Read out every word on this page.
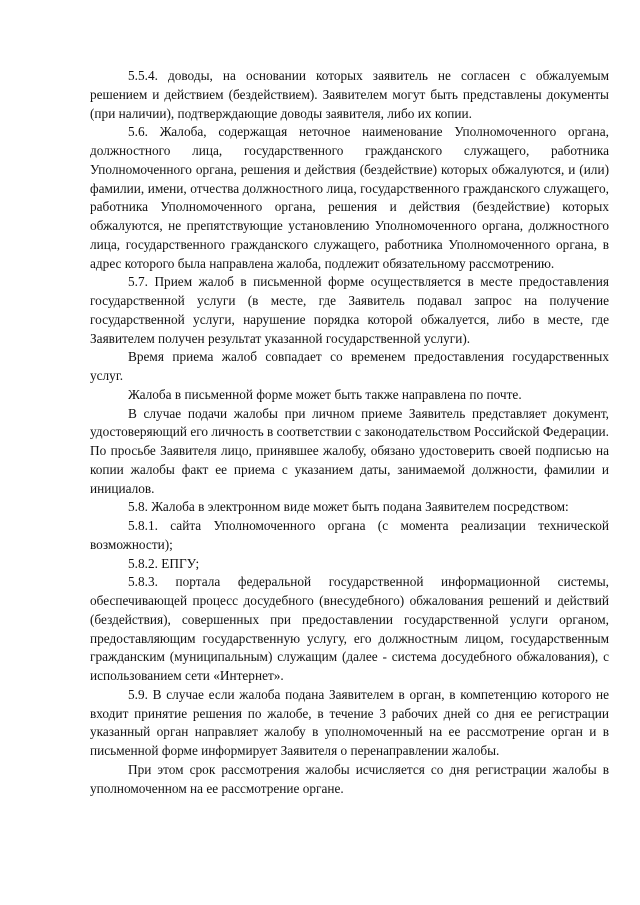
5.5.4. доводы, на основании которых заявитель не согласен с обжалуемым решением и действием (бездействием). Заявителем могут быть представлены документы (при наличии), подтверждающие доводы заявителя, либо их копии.

5.6. Жалоба, содержащая неточное наименование Уполномоченного органа, должностного лица, государственного гражданского служащего, работника Уполномоченного органа, решения и действия (бездействие) которых обжалуются, и (или) фамилии, имени, отчества должностного лица, государственного гражданского служащего, работника Уполномоченного органа, решения и действия (бездействие) которых обжалуются, не препятствующие установлению Уполномоченного органа, должностного лица, государственного гражданского служащего, работника Уполномоченного органа, в адрес которого была направлена жалоба, подлежит обязательному рассмотрению.

5.7. Прием жалоб в письменной форме осуществляется в месте предоставления государственной услуги (в месте, где Заявитель подавал запрос на получение государственной услуги, нарушение порядка которой обжалуется, либо в месте, где Заявителем получен результат указанной государственной услуги).

Время приема жалоб совпадает со временем предоставления государственных услуг.

Жалоба в письменной форме может быть также направлена по почте.

В случае подачи жалобы при личном приеме Заявитель представляет документ, удостоверяющий его личность в соответствии с законодательством Российской Федерации. По просьбе Заявителя лицо, принявшее жалобу, обязано удостоверить своей подписью на копии жалобы факт ее приема с указанием даты, занимаемой должности, фамилии и инициалов.

5.8. Жалоба в электронном виде может быть подана Заявителем посредством:

5.8.1. сайта Уполномоченного органа (с момента реализации технической возможности);

5.8.2. ЕПГУ;

5.8.3. портала федеральной государственной информационной системы, обеспечивающей процесс досудебного (внесудебного) обжалования решений и действий (бездействия), совершенных при предоставлении государственной услуги органом, предоставляющим государственную услугу, его должностным лицом, государственным гражданским (муниципальным) служащим (далее - система досудебного обжалования), с использованием сети «Интернет».

5.9. В случае если жалоба подана Заявителем в орган, в компетенцию которого не входит принятие решения по жалобе, в течение 3 рабочих дней со дня ее регистрации указанный орган направляет жалобу в уполномоченный на ее рассмотрение орган и в письменной форме информирует Заявителя о перенаправлении жалобы.

При этом срок рассмотрения жалобы исчисляется со дня регистрации жалобы в уполномоченном на ее рассмотрение органе.
